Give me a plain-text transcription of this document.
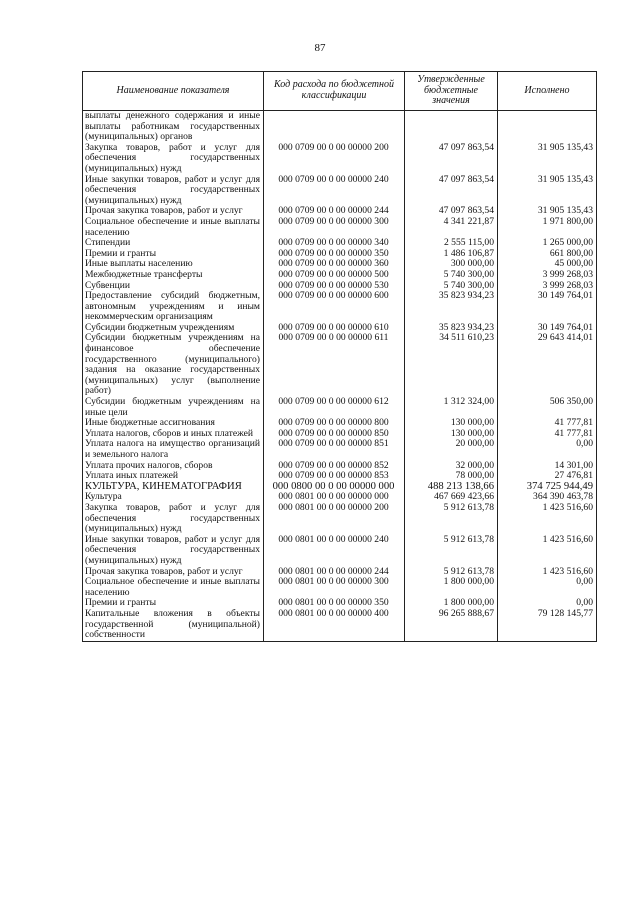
87
Наименование показателя	Код расхода по бюджетной классификации	Утвержденные бюджетные значения	Исполнено
выплаты денежного содержания и иные выплаты работникам государственных (муниципальных) органов			
Закупка товаров, работ и услуг для обеспечения государственных (муниципальных) нужд	000 0709 00 0 00 00000 200	47 097 863,54	31 905 135,43
Иные закупки товаров, работ и услуг для обеспечения государственных (муниципальных) нужд	000 0709 00 0 00 00000 240	47 097 863,54	31 905 135,43
Прочая закупка товаров, работ и услуг	000 0709 00 0 00 00000 244	47 097 863,54	31 905 135,43
Социальное обеспечение и иные выплаты населению	000 0709 00 0 00 00000 300	4 341 221,87	1 971 800,00
Стипендии	000 0709 00 0 00 00000 340	2 555 115,00	1 265 000,00
Премии и гранты	000 0709 00 0 00 00000 350	1 486 106,87	661 800,00
Иные выплаты населению	000 0709 00 0 00 00000 360	300 000,00	45 000,00
Межбюджетные трансферты	000 0709 00 0 00 00000 500	5 740 300,00	3 999 268,03
Субвенции	000 0709 00 0 00 00000 530	5 740 300,00	3 999 268,03
Предоставление субсидий бюджетным, автономным учреждениям и иным некоммерческим организациям	000 0709 00 0 00 00000 600	35 823 934,23	30 149 764,01
Субсидии бюджетным учреждениям	000 0709 00 0 00 00000 610	35 823 934,23	30 149 764,01
Субсидии бюджетным учреждениям на финансовое обеспечение государственного (муниципального) задания на оказание государственных (муниципальных) услуг (выполнение работ)	000 0709 00 0 00 00000 611	34 511 610,23	29 643 414,01
Субсидии бюджетным учреждениям на иные цели	000 0709 00 0 00 00000 612	1 312 324,00	506 350,00
Иные бюджетные ассигнования	000 0709 00 0 00 00000 800	130 000,00	41 777,81
Уплата налогов, сборов и иных платежей	000 0709 00 0 00 00000 850	130 000,00	41 777,81
Уплата налога на имущество организаций и земельного налога	000 0709 00 0 00 00000 851	20 000,00	0,00
Уплата прочих налогов, сборов	000 0709 00 0 00 00000 852	32 000,00	14 301,00
Уплата иных платежей	000 0709 00 0 00 00000 853	78 000,00	27 476,81
КУЛЬТУРА, КИНЕМАТОГРАФИЯ	000 0800 00 0 00 00000 000	488 213 138,66	374 725 944,49
Культура	000 0801 00 0 00 00000 000	467 669 423,66	364 390 463,78
Закупка товаров, работ и услуг для обеспечения государственных (муниципальных) нужд	000 0801 00 0 00 00000 200	5 912 613,78	1 423 516,60
Иные закупки товаров, работ и услуг для обеспечения государственных (муниципальных) нужд	000 0801 00 0 00 00000 240	5 912 613,78	1 423 516,60
Прочая закупка товаров, работ и услуг	000 0801 00 0 00 00000 244	5 912 613,78	1 423 516,60
Социальное обеспечение и иные выплаты населению	000 0801 00 0 00 00000 300	1 800 000,00	0,00
Премии и гранты	000 0801 00 0 00 00000 350	1 800 000,00	0,00
Капитальные вложения в объекты государственной (муниципальной) собственности	000 0801 00 0 00 00000 400	96 265 888,67	79 128 145,77
